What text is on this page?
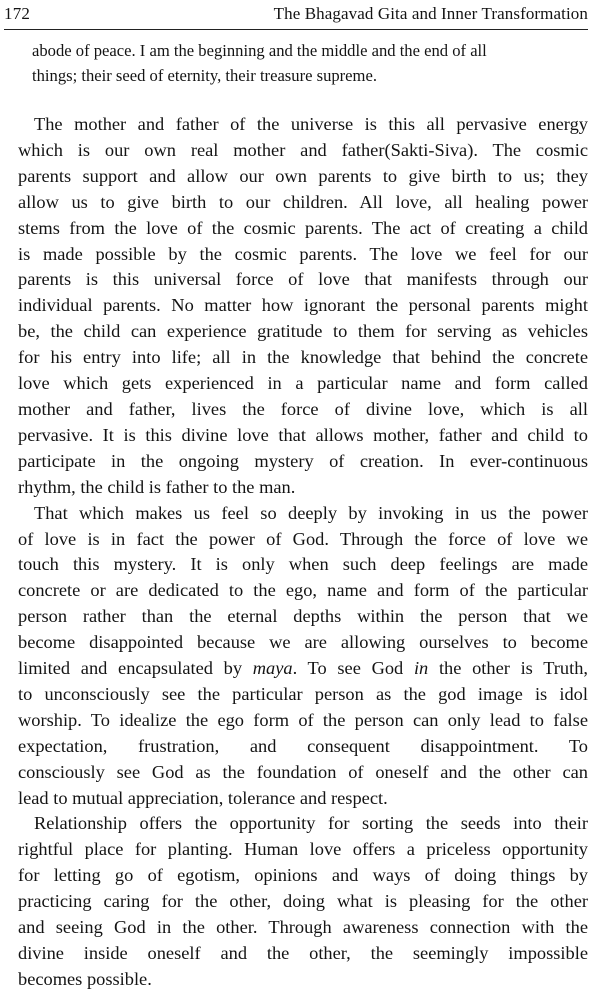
172	The Bhagavad Gita and Inner Transformation
abode of peace. I am the beginning and the middle and the end of all
things; their seed of eternity, their treasure supreme.

The mother and father of the universe is this all pervasive energy
which is our own real mother and father(Sakti-Siva). The cosmic
parents support and allow our own parents to give birth to us; they
allow us to give birth to our children. All love, all healing power
stems from the love of the cosmic parents. The act of creating a child
is made possible by the cosmic parents. The love we feel for our
parents is this universal force of love that manifests through our
individual parents. No matter how ignorant the personal parents might
be, the child can experience gratitude to them for serving as vehicles
for his entry into life; all in the knowledge that behind the concrete
love which gets experienced in a particular name and form called
mother and father, lives the force of divine love, which is all
pervasive. It is this divine love that allows mother, father and child to
participate in the ongoing mystery of creation. In ever-continuous
rhythm, the child is father to the man.

That which makes us feel so deeply by invoking in us the power
of love is in fact the power of God. Through the force of love we
touch this mystery. It is only when such deep feelings are made
concrete or are dedicated to the ego, name and form of the particular
person rather than the eternal depths within the person that we
become disappointed because we are allowing ourselves to become
limited and encapsulated by maya. To see God in the other is Truth,
to unconsciously see the particular person as the god image is idol
worship. To idealize the ego form of the person can only lead to false
expectation, frustration, and consequent disappointment. To
consciously see God as the foundation of oneself and the other can
lead to mutual appreciation, tolerance and respect.

Relationship offers the opportunity for sorting the seeds into their
rightful place for planting. Human love offers a priceless opportunity
for letting go of egotism, opinions and ways of doing things by
practicing caring for the other, doing what is pleasing for the other
and seeing God in the other. Through awareness connection with the
divine inside oneself and the other, the seemingly impossible
becomes possible.
